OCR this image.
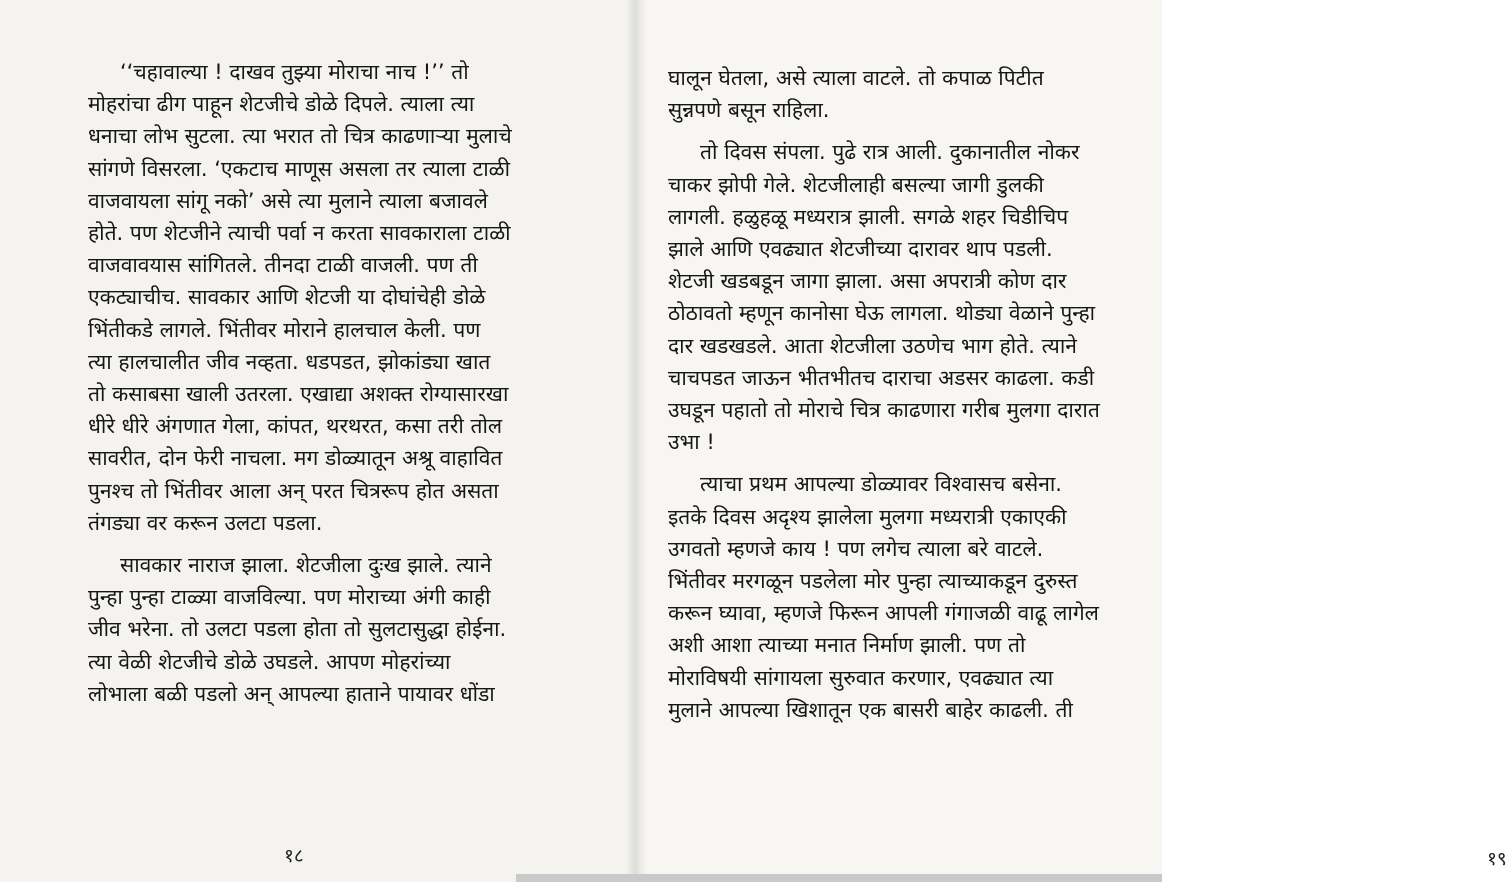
‘‘चहावाल्या ! दाखव तुझ्या मोराचा नाच !’’ तो
मोहरांचा ढीग पाहून शेटजीचे डोळे दिपले. त्याला त्या
धनाचा लोभ सुटला. त्या भरात तो चित्र काढणाऱ्या मुलाचे
सांगणे विसरला. ‘एकटाच माणूस असला तर त्याला टाळी
वाजवायला सांगू नको’ असे त्या मुलाने त्याला बजावले
होते. पण शेटजीने त्याची पर्वा न करता सावकाराला टाळी
वाजवावयास सांगितले. तीनदा टाळी वाजली. पण ती
एकट्याचीच. सावकार आणि शेटजी या दोघांचेही डोळे
भिंतीकडे लागले. भिंतीवर मोराने हालचाल केली. पण
त्या हालचालीत जीव नव्हता. धडपडत, झोकांड्या खात
तो कसाबसा खाली उतरला. एखाद्या अशक्त रोग्यासारखा
धीरे धीरे अंगणात गेला, कांपत, थरथरत, कसा तरी तोल
सावरीत, दोन फेरी नाचला. मग डोळ्यातून अश्रू वाहावित
पुनश्च तो भिंतीवर आला अन् परत चित्ररूप होत असता
तंगड्या वर करून उलटा पडला.

सावकार नाराज झाला. शेटजीला दुःख झाले. त्याने
पुन्हा पुन्हा टाळ्या वाजविल्या. पण मोराच्या अंगी काही
जीव भरेना. तो उलटा पडला होता तो सुलटासुद्धा होईना.
त्या वेळी शेटजीचे डोळे उघडले. आपण मोहरांच्या
लोभाला बळी पडलो अन् आपल्या हाताने पायावर धोंडा

१८	१९

घालून घेतला, असे त्याला वाटले. तो कपाळ पिटीत
सुन्नपणे बसून राहिला.

तो दिवस संपला. पुढे रात्र आली. दुकानातील नोकर
चाकर झोपी गेले. शेटजीलाही बसल्या जागी डुलकी
लागली. हळुहळू मध्यरात्र झाली. सगळे शहर चिडीचिप
झाले आणि एवढ्यात शेटजीच्या दारावर थाप पडली.
शेटजी खडबडून जागा झाला. असा अपरात्री कोण दार
ठोठावतो म्हणून कानोसा घेऊ लागला. थोड्या वेळाने पुन्हा
दार खडखडले. आता शेटजीला उठणेच भाग होते. त्याने
चाचपडत जाऊन भीतभीतच दाराचा अडसर काढला. कडी
उघडून पहातो तो मोराचे चित्र काढणारा गरीब मुलगा दारात
उभा !

त्याचा प्रथम आपल्या डोळ्यावर विश्वासच बसेना.
इतके दिवस अदृश्य झालेला मुलगा मध्यरात्री एकाएकी
उगवतो म्हणजे काय ! पण लगेच त्याला बरे वाटले.
भिंतीवर मरगळून पडलेला मोर पुन्हा त्याच्याकडून दुरुस्त
करून घ्यावा, म्हणजे फिरून आपली गंगाजळी वाढू लागेल
अशी आशा त्याच्या मनात निर्माण झाली. पण तो
मोराविषयी सांगायला सुरुवात करणार, एवढ्यात त्या
मुलाने आपल्या खिशातून एक बासरी बाहेर काढली. ती
